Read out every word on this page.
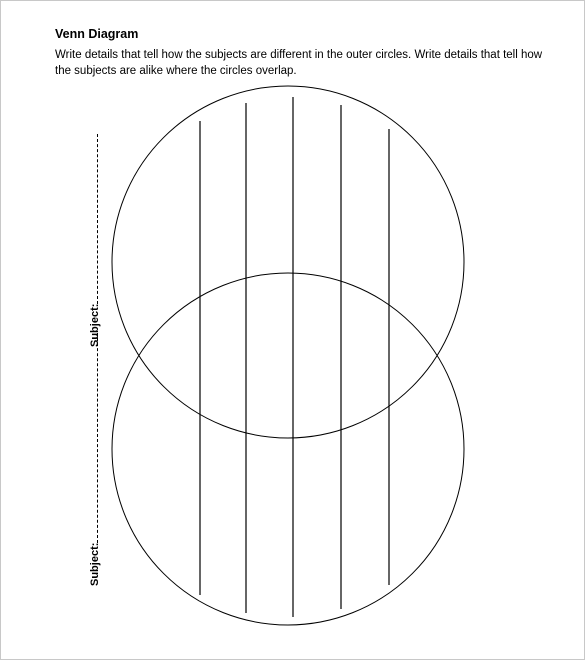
Venn Diagram
Write details that tell how the subjects are different in the outer circles. Write details that tell how the subjects are alike where the circles overlap.
Subject:
Subject:
